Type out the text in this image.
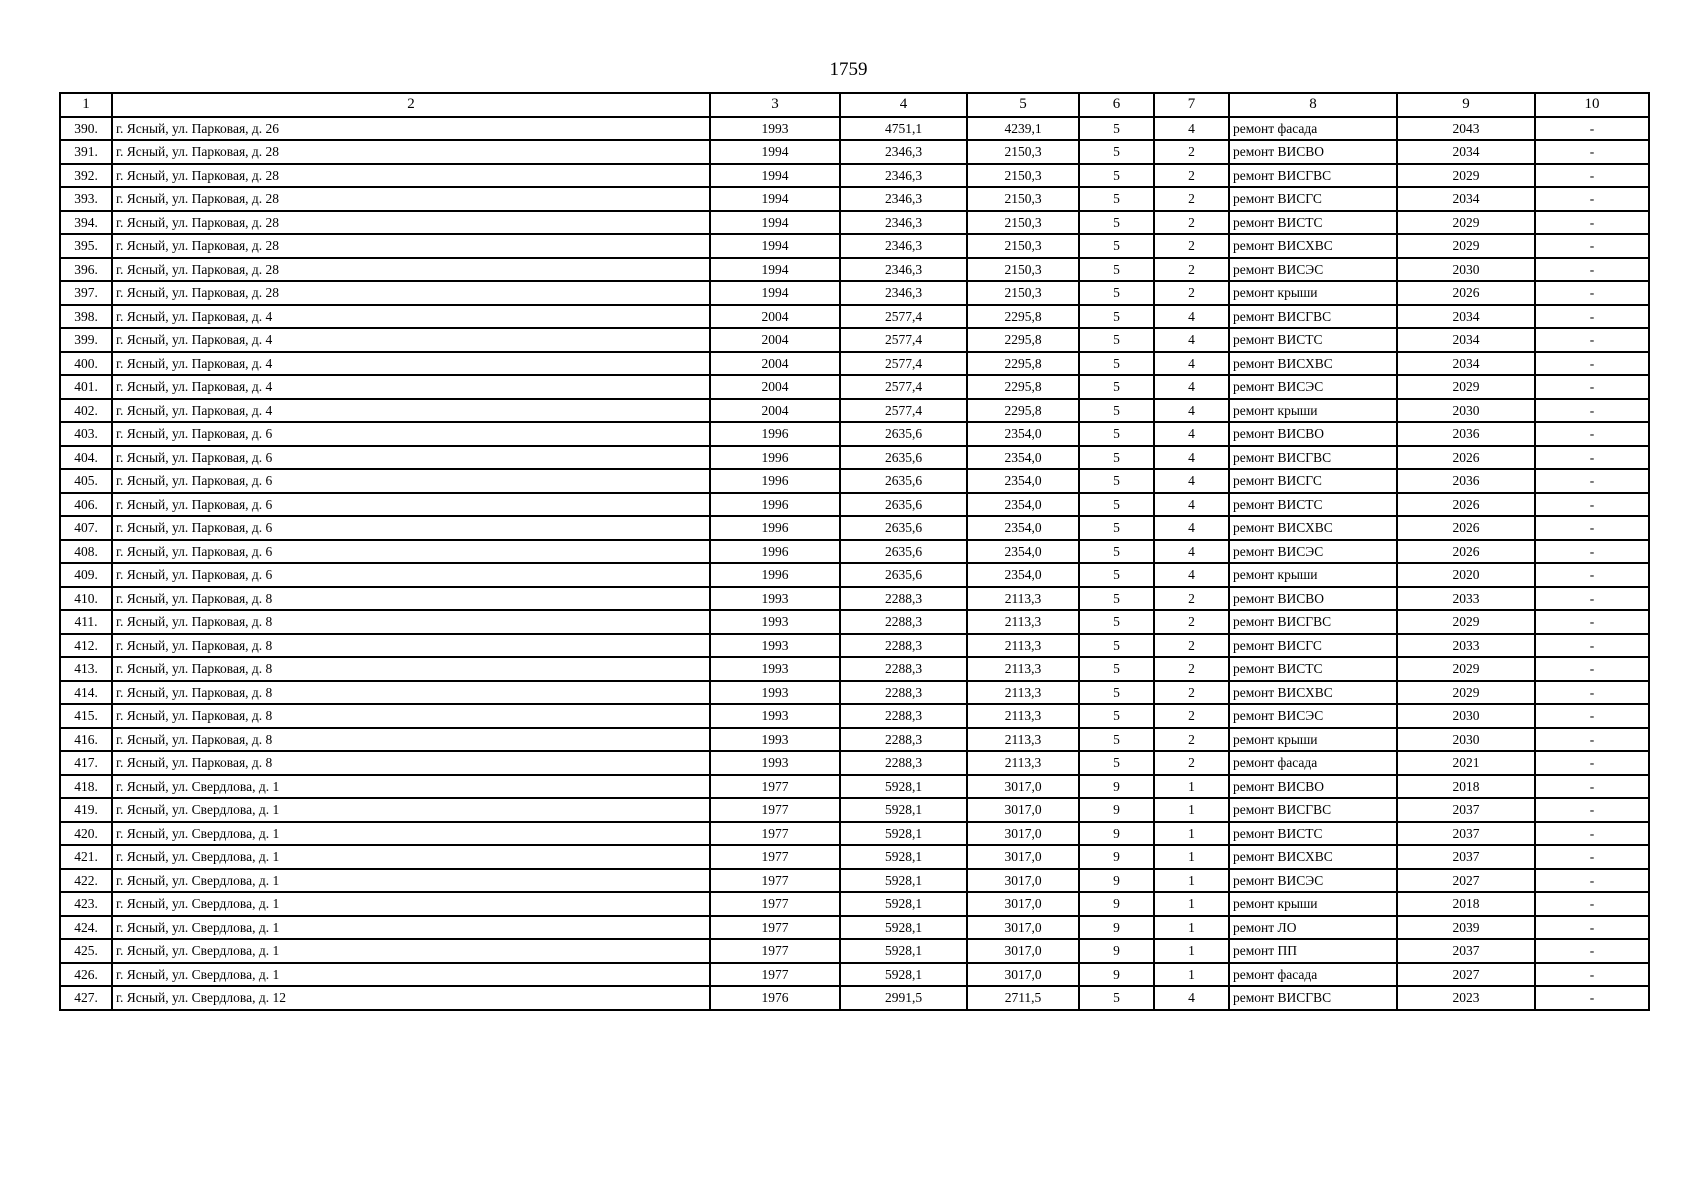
1759
1	2	3	4	5	6	7	8	9	10
390.	г. Ясный, ул. Парковая, д. 26	1993	4751,1	4239,1	5	4	ремонт фасада	2043	-
391.	г. Ясный, ул. Парковая, д. 28	1994	2346,3	2150,3	5	2	ремонт ВИСВО	2034	-
392.	г. Ясный, ул. Парковая, д. 28	1994	2346,3	2150,3	5	2	ремонт ВИСГВС	2029	-
393.	г. Ясный, ул. Парковая, д. 28	1994	2346,3	2150,3	5	2	ремонт ВИСГС	2034	-
394.	г. Ясный, ул. Парковая, д. 28	1994	2346,3	2150,3	5	2	ремонт ВИСТС	2029	-
395.	г. Ясный, ул. Парковая, д. 28	1994	2346,3	2150,3	5	2	ремонт ВИСХВС	2029	-
396.	г. Ясный, ул. Парковая, д. 28	1994	2346,3	2150,3	5	2	ремонт ВИСЭС	2030	-
397.	г. Ясный, ул. Парковая, д. 28	1994	2346,3	2150,3	5	2	ремонт крыши	2026	-
398.	г. Ясный, ул. Парковая, д. 4	2004	2577,4	2295,8	5	4	ремонт ВИСГВС	2034	-
399.	г. Ясный, ул. Парковая, д. 4	2004	2577,4	2295,8	5	4	ремонт ВИСТС	2034	-
400.	г. Ясный, ул. Парковая, д. 4	2004	2577,4	2295,8	5	4	ремонт ВИСХВС	2034	-
401.	г. Ясный, ул. Парковая, д. 4	2004	2577,4	2295,8	5	4	ремонт ВИСЭС	2029	-
402.	г. Ясный, ул. Парковая, д. 4	2004	2577,4	2295,8	5	4	ремонт крыши	2030	-
403.	г. Ясный, ул. Парковая, д. 6	1996	2635,6	2354,0	5	4	ремонт ВИСВО	2036	-
404.	г. Ясный, ул. Парковая, д. 6	1996	2635,6	2354,0	5	4	ремонт ВИСГВС	2026	-
405.	г. Ясный, ул. Парковая, д. 6	1996	2635,6	2354,0	5	4	ремонт ВИСГС	2036	-
406.	г. Ясный, ул. Парковая, д. 6	1996	2635,6	2354,0	5	4	ремонт ВИСТС	2026	-
407.	г. Ясный, ул. Парковая, д. 6	1996	2635,6	2354,0	5	4	ремонт ВИСХВС	2026	-
408.	г. Ясный, ул. Парковая, д. 6	1996	2635,6	2354,0	5	4	ремонт ВИСЭС	2026	-
409.	г. Ясный, ул. Парковая, д. 6	1996	2635,6	2354,0	5	4	ремонт крыши	2020	-
410.	г. Ясный, ул. Парковая, д. 8	1993	2288,3	2113,3	5	2	ремонт ВИСВО	2033	-
411.	г. Ясный, ул. Парковая, д. 8	1993	2288,3	2113,3	5	2	ремонт ВИСГВС	2029	-
412.	г. Ясный, ул. Парковая, д. 8	1993	2288,3	2113,3	5	2	ремонт ВИСГС	2033	-
413.	г. Ясный, ул. Парковая, д. 8	1993	2288,3	2113,3	5	2	ремонт ВИСТС	2029	-
414.	г. Ясный, ул. Парковая, д. 8	1993	2288,3	2113,3	5	2	ремонт ВИСХВС	2029	-
415.	г. Ясный, ул. Парковая, д. 8	1993	2288,3	2113,3	5	2	ремонт ВИСЭС	2030	-
416.	г. Ясный, ул. Парковая, д. 8	1993	2288,3	2113,3	5	2	ремонт крыши	2030	-
417.	г. Ясный, ул. Парковая, д. 8	1993	2288,3	2113,3	5	2	ремонт фасада	2021	-
418.	г. Ясный, ул. Свердлова, д. 1	1977	5928,1	3017,0	9	1	ремонт ВИСВО	2018	-
419.	г. Ясный, ул. Свердлова, д. 1	1977	5928,1	3017,0	9	1	ремонт ВИСГВС	2037	-
420.	г. Ясный, ул. Свердлова, д. 1	1977	5928,1	3017,0	9	1	ремонт ВИСТС	2037	-
421.	г. Ясный, ул. Свердлова, д. 1	1977	5928,1	3017,0	9	1	ремонт ВИСХВС	2037	-
422.	г. Ясный, ул. Свердлова, д. 1	1977	5928,1	3017,0	9	1	ремонт ВИСЭС	2027	-
423.	г. Ясный, ул. Свердлова, д. 1	1977	5928,1	3017,0	9	1	ремонт крыши	2018	-
424.	г. Ясный, ул. Свердлова, д. 1	1977	5928,1	3017,0	9	1	ремонт ЛО	2039	-
425.	г. Ясный, ул. Свердлова, д. 1	1977	5928,1	3017,0	9	1	ремонт ПП	2037	-
426.	г. Ясный, ул. Свердлова, д. 1	1977	5928,1	3017,0	9	1	ремонт фасада	2027	-
427.	г. Ясный, ул. Свердлова, д. 12	1976	2991,5	2711,5	5	4	ремонт ВИСГВС	2023	-
